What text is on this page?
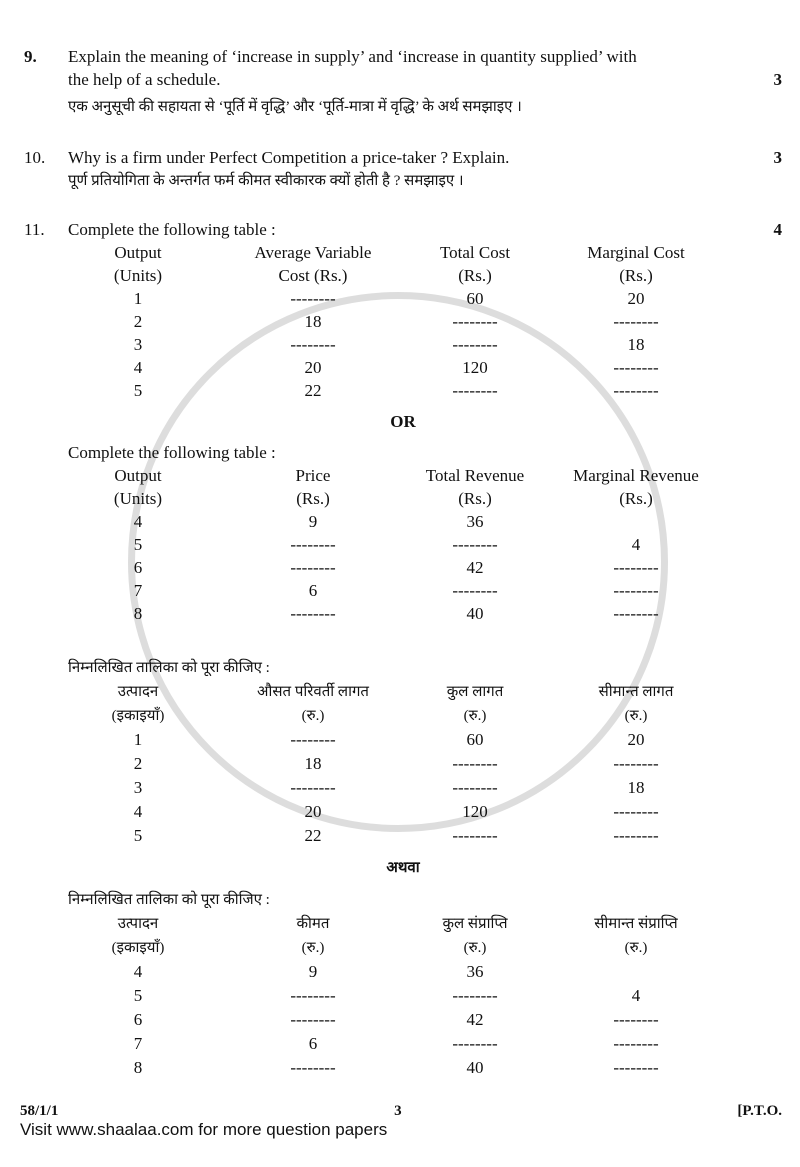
9.	Explain the meaning of ‘increase in supply’ and ‘increase in quantity supplied’ with
the help of a schedule.
एक अनुसूची की सहायता से ‘पूर्ति में वृद्धि’ और ‘पूर्ति-मात्रा में वृद्धि’ के अर्थ समझाइए ।
3
10.	Why is a firm under Perfect Competition a price-taker ? Explain.
पूर्ण प्रतियोगिता के अन्तर्गत फर्म कीमत स्वीकारक क्यों होती है ? समझाइए ।
3
11.	Complete the following table :	4
Output	Average Variable	Total Cost	Marginal Cost
(Units)	Cost (Rs.)	(Rs.)	(Rs.)
1	--------	60	20
2	18	--------	--------
3	--------	--------	18
4	20	120	--------
5	22	--------	--------
OR
Complete the following table :
Output	Price	Total Revenue	Marginal Revenue
(Units)	(Rs.)	(Rs.)	(Rs.)
4	9	36	
5	--------	--------	4
6	--------	42	--------
7	6	--------	--------
8	--------	40	--------
निम्नलिखित तालिका को पूरा कीजिए :
उत्पादन	औसत परिवर्ती लागत	कुल लागत	सीमान्त लागत
(इकाइयाँ)	(रु.)	(रु.)	(रु.)
1	--------	60	20
2	18	--------	--------
3	--------	--------	18
4	20	120	--------
5	22	--------	--------
अथवा
निम्नलिखित तालिका को पूरा कीजिए :
उत्पादन	कीमत	कुल संप्राप्ति	सीमान्त संप्राप्ति
(इकाइयाँ)	(रु.)	(रु.)	(रु.)
4	9	36	
5	--------	--------	4
6	--------	42	--------
7	6	--------	--------
8	--------	40	--------
58/1/1	3	[P.T.O.
Visit www.shaalaa.com for more question papers
